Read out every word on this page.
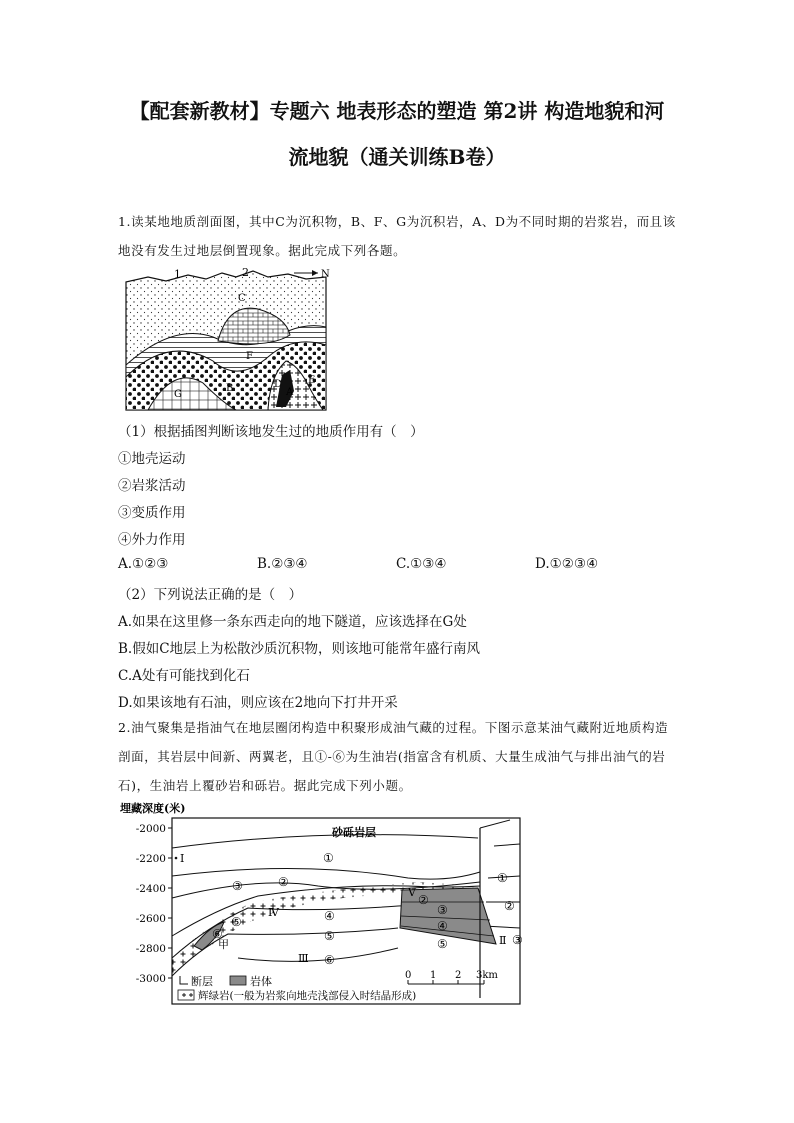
【配套新教材】专题六 地表形态的塑造 第2讲 构造地貌和河
流地貌（通关训练B卷）
1.读某地地质剖面图，其中C为沉积物，B、F、G为沉积岩，A、D为不同时期的岩浆岩，而且该地没有发生过地层倒置现象。据此完成下列各题。
1	2	N
C
F
D
A
E
B
G
（1）根据插图判断该地发生过的地质作用有（　）
①地壳运动
②岩浆活动
③变质作用
④外力作用
A.①②③	B.②③④	C.①③④	D.①②③④
（2）下列说法正确的是（　）
A.如果在这里修一条东西走向的地下隧道，应该选择在G处
B.假如C地层上为松散沙质沉积物，则该地可能常年盛行南风
C.A处有可能找到化石
D.如果该地有石油，则应该在2地向下打井开采
2.油气聚集是指油气在地层圈闭构造中积聚形成油气藏的过程。下图示意某油气藏附近地质构造剖面，其岩层中间新、两翼老，且①-⑥为生油岩(指富含有机质、大量生成油气与排出油气的岩石)，生油岩上覆砂岩和砾岩。据此完成下列小题。
埋藏深度(米)
-2000
-2200
-2400
-2600
-2800
-3000
砂砾岩层
①
②
③
④
⑤
⑥
①
②
③
④
⑤
②
③
⑤
⑥
Ⅰ
Ⅱ
Ⅲ
Ⅳ
Ⅴ
甲
断层	岩体
辉绿岩(一般为岩浆向地壳浅部侵入时结晶形成)
0 1 2 3km
